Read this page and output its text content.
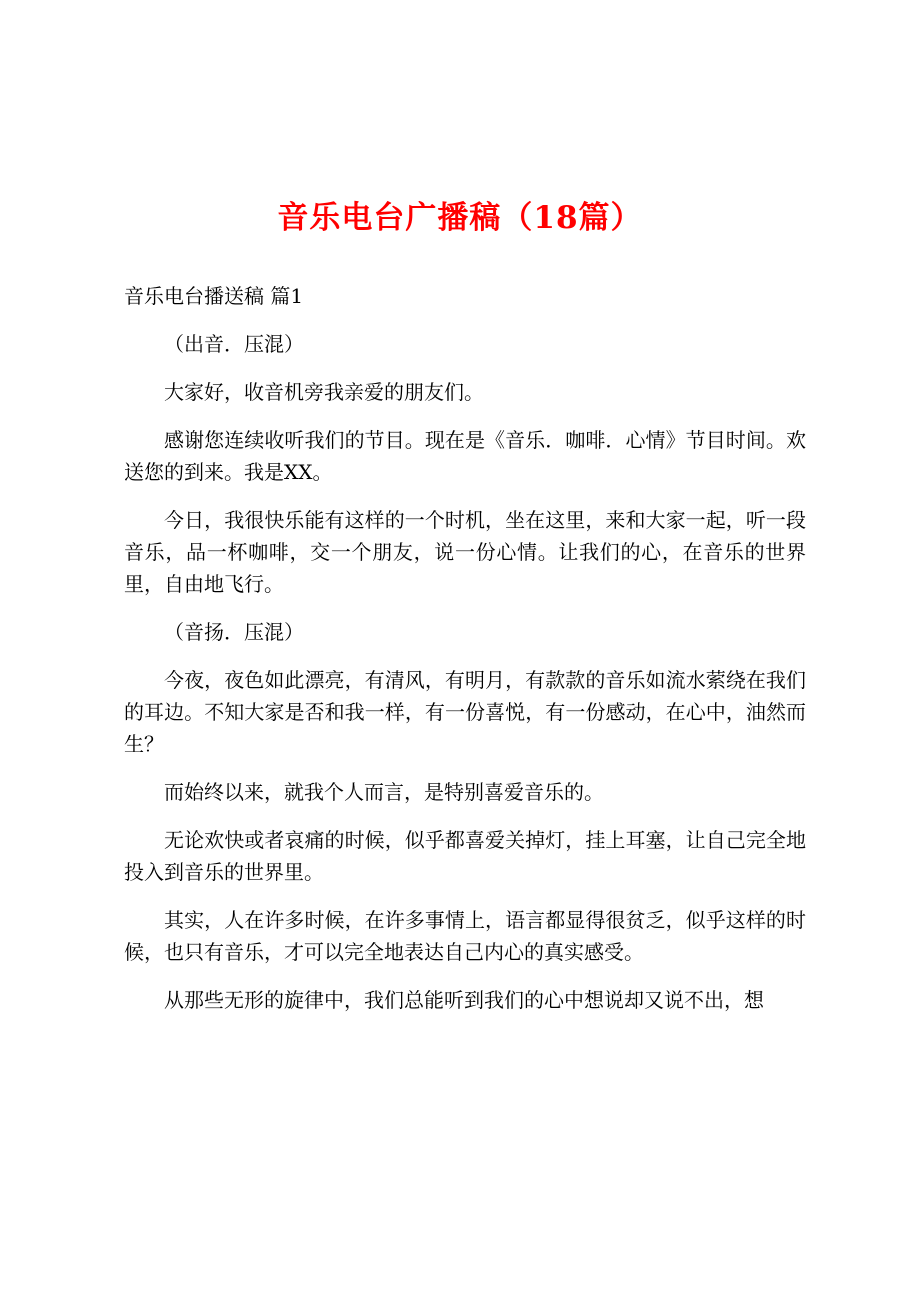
音乐电台广播稿（18篇）

音乐电台播送稿 篇1

（出音．压混）

大家好，收音机旁我亲爱的朋友们。

感谢您连续收听我们的节目。现在是《音乐．咖啡．心情》节目时间。欢送您的到来。我是XX。

今日，我很快乐能有这样的一个时机，坐在这里，来和大家一起，听一段音乐，品一杯咖啡，交一个朋友，说一份心情。让我们的心，在音乐的世界里，自由地飞行。

（音扬．压混）

今夜，夜色如此漂亮，有清风，有明月，有款款的音乐如流水萦绕在我们的耳边。不知大家是否和我一样，有一份喜悦，有一份感动，在心中，油然而生？

而始终以来，就我个人而言，是特别喜爱音乐的。

无论欢快或者哀痛的时候，似乎都喜爱关掉灯，挂上耳塞，让自己完全地投入到音乐的世界里。

其实，人在许多时候，在许多事情上，语言都显得很贫乏，似乎这样的时候，也只有音乐，才可以完全地表达自己内心的真实感受。

从那些无形的旋律中，我们总能听到我们的心中想说却又说不出，想
